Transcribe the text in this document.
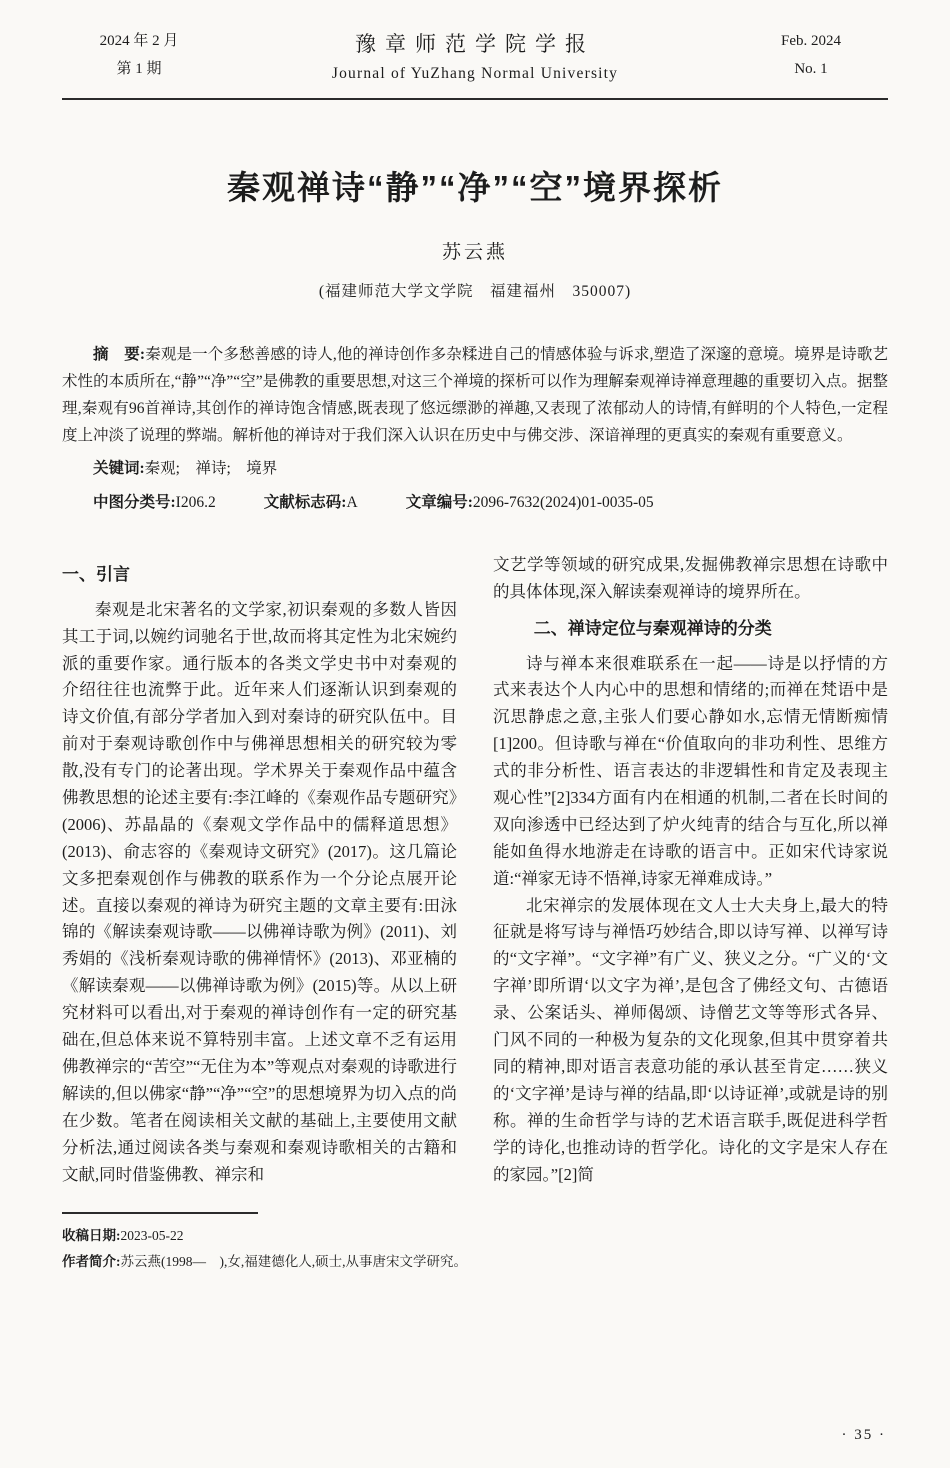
2024 年 2 月
第 1 期
豫章师范学院学报
Journal of YuZhang Normal University
Feb. 2024
No. 1
秦观禅诗“静”“净”“空”境界探析
苏云燕
(福建师范大学文学院　福建福州　350007)

摘　要:秦观是一个多愁善感的诗人,他的禅诗创作多杂糅进自己的情感体验与诉求,塑造了深邃的意境。境界是诗歌艺术性的本质所在,“静”“净”“空”是佛教的重要思想,对这三个禅境的探析可以作为理解秦观禅诗禅意理趣的重要切入点。据整理,秦观有96首禅诗,其创作的禅诗饱含情感,既表现了悠远缥渺的禅趣,又表现了浓郁动人的诗情,有鲜明的个人特色,一定程度上冲淡了说理的弊端。解析他的禅诗对于我们深入认识在历史中与佛交涉、深谙禅理的更真实的秦观有重要意义。

关键词:秦观;　禅诗;　境界

中图分类号:I206.2	文献标志码:A	文章编号:2096-7632(2024)01-0035-05

一、引言

秦观是北宋著名的文学家,初识秦观的多数人皆因其工于词,以婉约词驰名于世,故而将其定性为北宋婉约派的重要作家。通行版本的各类文学史书中对秦观的介绍往往也流弊于此。近年来人们逐渐认识到秦观的诗文价值,有部分学者加入到对秦诗的研究队伍中。目前对于秦观诗歌创作中与佛禅思想相关的研究较为零散,没有专门的论著出现。学术界关于秦观作品中蕴含佛教思想的论述主要有:李江峰的《秦观作品专题研究》(2006)、苏晶晶的《秦观文学作品中的儒释道思想》(2013)、俞志容的《秦观诗文研究》(2017)。这几篇论文多把秦观创作与佛教的联系作为一个分论点展开论述。直接以秦观的禅诗为研究主题的文章主要有:田泳锦的《解读秦观诗歌——以佛禅诗歌为例》(2011)、刘秀娟的《浅析秦观诗歌的佛禅情怀》(2013)、邓亚楠的《解读秦观——以佛禅诗歌为例》(2015)等。从以上研究材料可以看出,对于秦观的禅诗创作有一定的研究基础在,但总体来说不算特别丰富。上述文章不乏有运用佛教禅宗的“苦空”“无住为本”等观点对秦观的诗歌进行解读的,但以佛家“静”“净”“空”的思想境界为切入点的尚在少数。笔者在阅读相关文献的基础上,主要使用文献分析法,通过阅读各类与秦观和秦观诗歌相关的古籍和文献,同时借鉴佛教、禅宗和

文艺学等领域的研究成果,发掘佛教禅宗思想在诗歌中的具体体现,深入解读秦观禅诗的境界所在。

二、禅诗定位与秦观禅诗的分类

诗与禅本来很难联系在一起——诗是以抒情的方式来表达个人内心中的思想和情绪的;而禅在梵语中是沉思静虑之意,主张人们要心静如水,忘情无情断痴情[1]200。但诗歌与禅在“价值取向的非功利性、思维方式的非分析性、语言表达的非逻辑性和肯定及表现主观心性”[2]334方面有内在相通的机制,二者在长时间的双向渗透中已经达到了炉火纯青的结合与互化,所以禅能如鱼得水地游走在诗歌的语言中。正如宋代诗家说道:“禅家无诗不悟禅,诗家无禅难成诗。”

北宋禅宗的发展体现在文人士大夫身上,最大的特征就是将写诗与禅悟巧妙结合,即以诗写禅、以禅写诗的“文字禅”。“文字禅”有广义、狭义之分。“广义的‘文字禅’即所谓‘以文字为禅’,是包含了佛经文句、古德语录、公案话头、禅师偈颂、诗僧艺文等等形式各异、门风不同的一种极为复杂的文化现象,但其中贯穿着共同的精神,即对语言表意功能的承认甚至肯定……狭义的‘文字禅’是诗与禅的结晶,即‘以诗证禅’,或就是诗的别称。禅的生命哲学与诗的艺术语言联手,既促进科学哲学的诗化,也推动诗的哲学化。诗化的文字是宋人存在的家园。”[2]简

收稿日期:2023-05-22

作者简介:苏云燕(1998—　),女,福建德化人,硕士,从事唐宋文学研究。

· 35 ·
